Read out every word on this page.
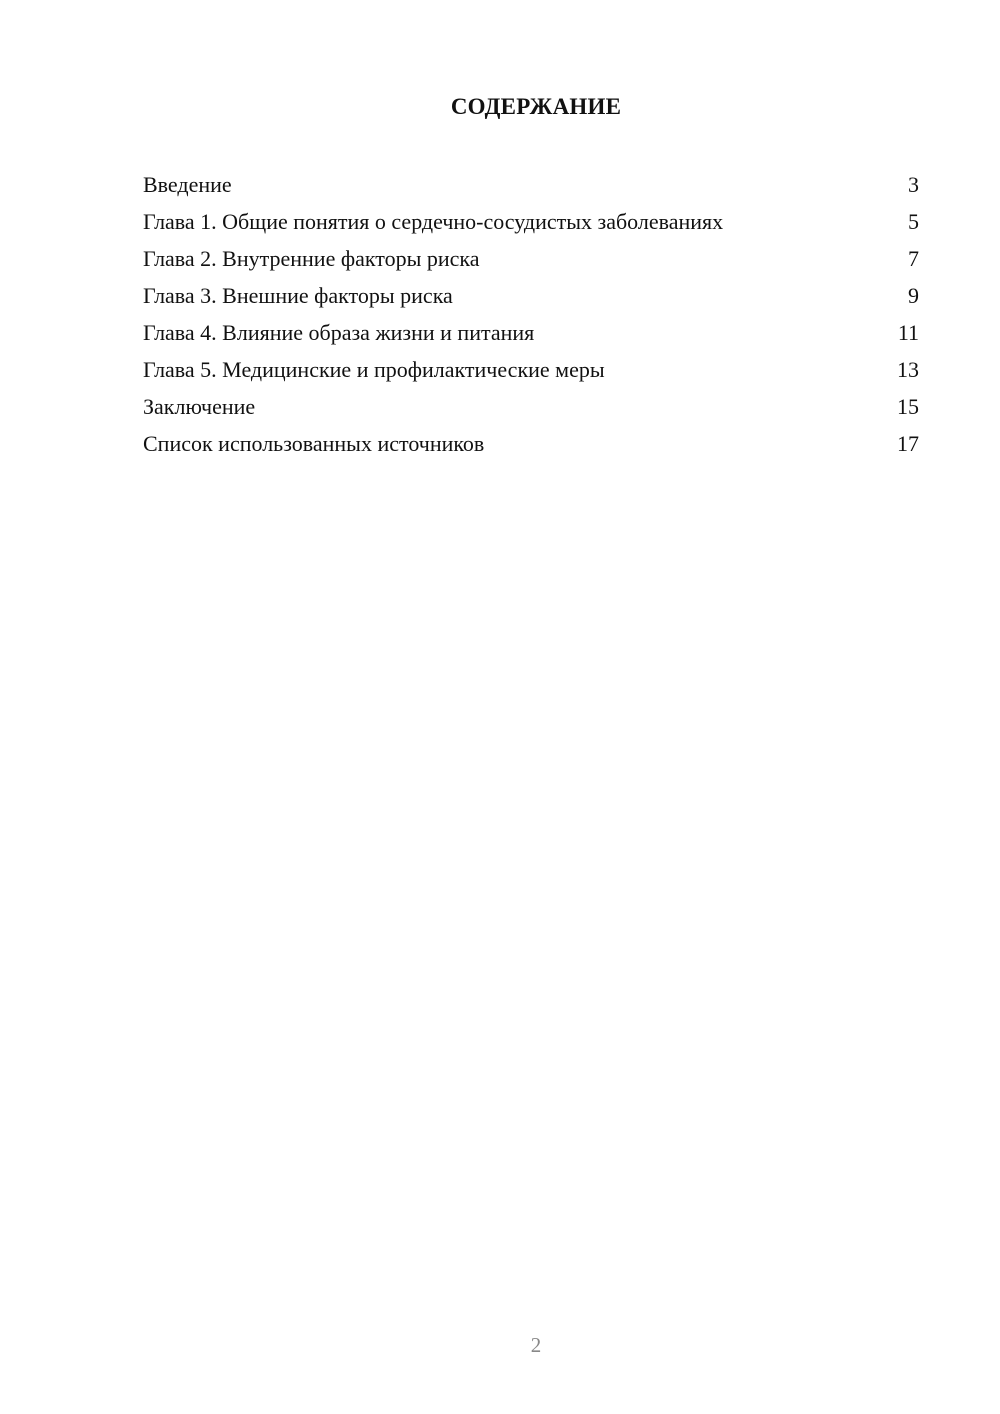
СОДЕРЖАНИЕ
Введение	3
Глава 1. Общие понятия о сердечно-сосудистых заболеваниях	5
Глава 2. Внутренние факторы риска	7
Глава 3. Внешние факторы риска	9
Глава 4. Влияние образа жизни и питания	11
Глава 5. Медицинские и профилактические меры	13
Заключение	15
Список использованных источников	17
2
